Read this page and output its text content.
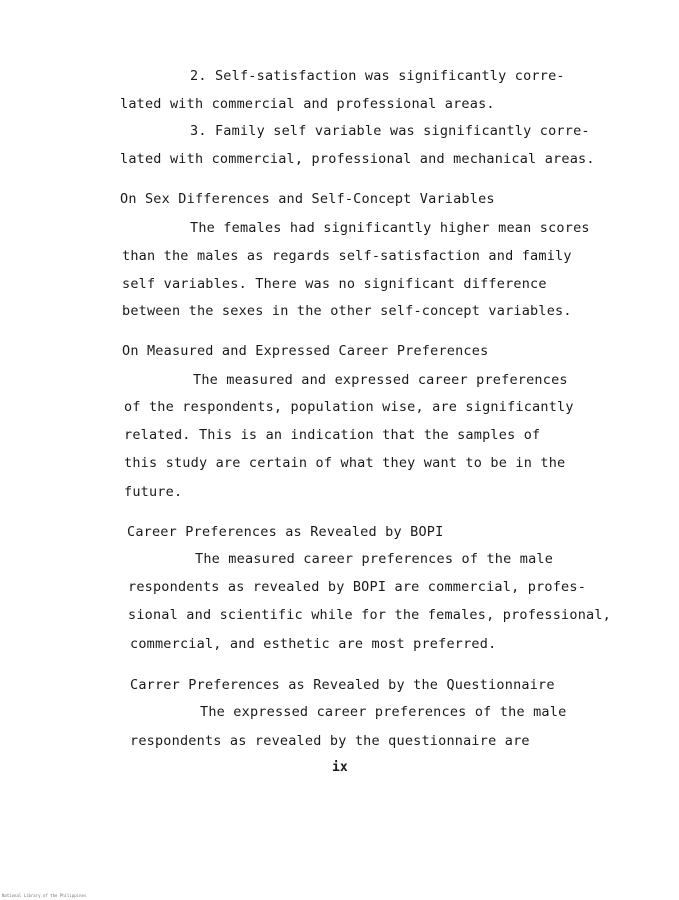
2. Self-satisfaction was significantly corre-
lated with commercial and professional areas.
3. Family self variable was significantly corre-
lated with commercial, professional and mechanical areas.
On Sex Differences and Self-Concept Variables
The females had significantly higher mean scores
than the males as regards self-satisfaction and family
self variables. There was no significant difference
between the sexes in the other self-concept variables.
On Measured and Expressed Career Preferences
The measured and expressed career preferences
of the respondents, population wise, are significantly
related. This is an indication that the samples of
this study are certain of what they want to be in the
future.
Career Preferences as Revealed by BOPI
The measured career preferences of the male
respondents as revealed by BOPI are commercial, profes-
sional and scientific while for the females, professional,
commercial, and esthetic are most preferred.
Carrer Preferences as Revealed by the Questionnaire
The expressed career preferences of the male
respondents as revealed by the questionnaire are
ix
National Library of the Philippines
